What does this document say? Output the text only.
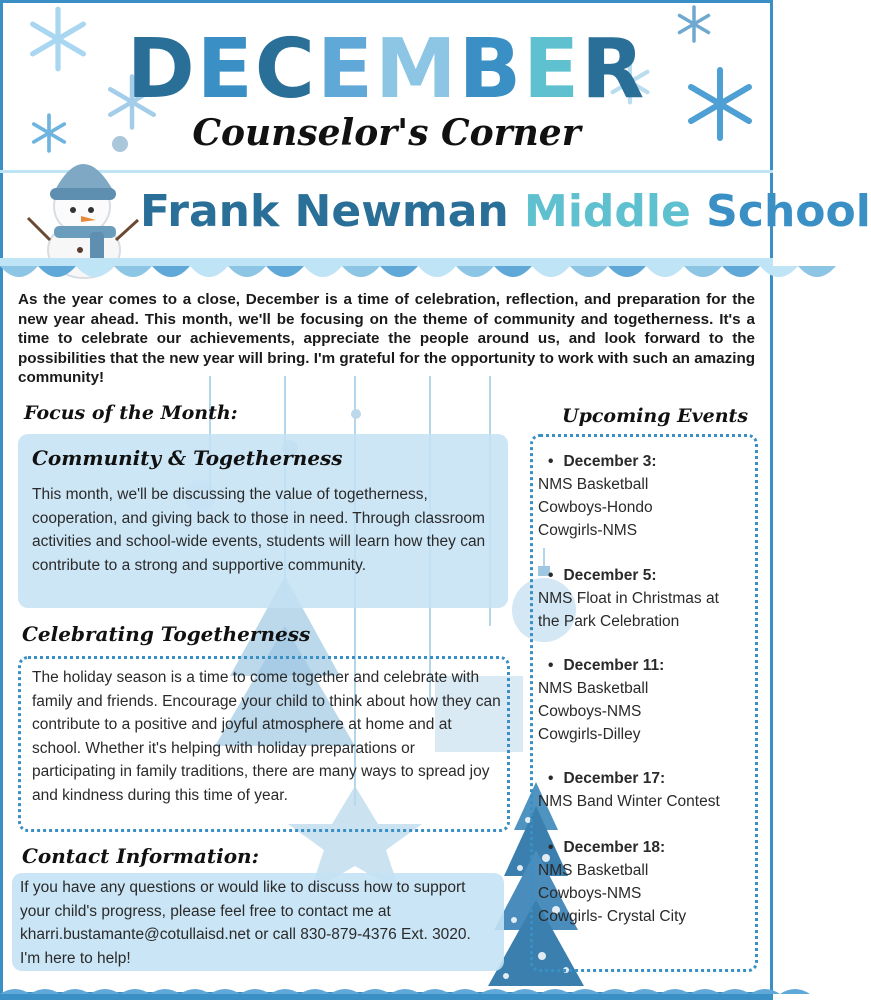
DECEMBER
Counselor's Corner
Frank Newman Middle School
As the year comes to a close, December is a time of celebration, reflection, and preparation for the new year ahead. This month, we'll be focusing on the theme of community and togetherness. It's a time to celebrate our achievements, appreciate the people around us, and look forward to the possibilities that the new year will bring. I'm grateful for the opportunity to work with such an amazing community!
Focus of the Month:
Community & Togetherness
This month, we'll be discussing the value of togetherness, cooperation, and giving back to those in need. Through classroom activities and school-wide events, students will learn how they can contribute to a strong and supportive community.
Celebrating Togetherness
The holiday season is a time to come together and celebrate with family and friends. Encourage your child to think about how they can contribute to a positive and joyful atmosphere at home and at school. Whether it's helping with holiday preparations or participating in family traditions, there are many ways to spread joy and kindness during this time of year.
Contact Information:
If you have any questions or would like to discuss how to support your child's progress, please feel free to contact me at kharri.bustamante@cotullaisd.net or call 830-879-4376 Ext. 3020. I'm here to help!
Upcoming Events
• December 3:
NMS Basketball
Cowboys-Hondo
Cowgirls-NMS
• December 5:
NMS Float in Christmas at
the Park Celebration
• December 11:
NMS Basketball
Cowboys-NMS
Cowgirls-Dilley
• December 17:
NMS Band Winter Contest
• December 18:
NMS Basketball
Cowboys-NMS
Cowgirls- Crystal City
